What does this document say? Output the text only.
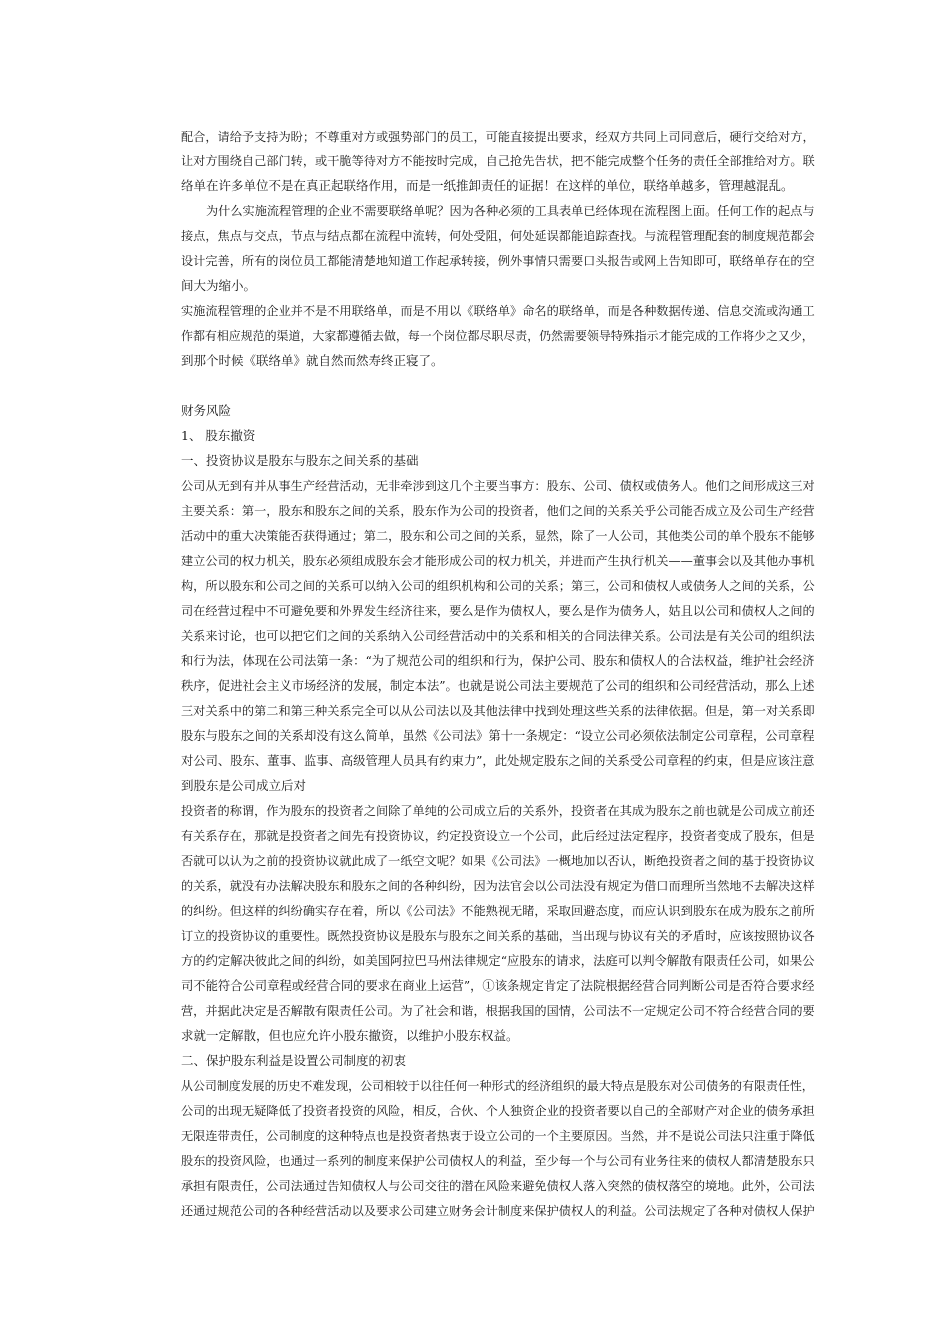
配合，请给予支持为盼；不尊重对方或强势部门的员工，可能直接提出要求，经双方共同上司同意后，硬行交给对方，
让对方围绕自己部门转，或干脆等待对方不能按时完成，自己抢先告状，把不能完成整个任务的责任全部推给对方。联
络单在许多单位不是在真正起联络作用，而是一纸推卸责任的证据！在这样的单位，联络单越多，管理越混乱。
为什么实施流程管理的企业不需要联络单呢？因为各种必须的工具表单已经体现在流程图上面。任何工作的起点与
接点，焦点与交点，节点与结点都在流程中流转，何处受阻，何处延误都能追踪查找。与流程管理配套的制度规范都会
设计完善，所有的岗位员工都能清楚地知道工作起承转接，例外事情只需要口头报告或网上告知即可，联络单存在的空
间大为缩小。
实施流程管理的企业并不是不用联络单，而是不用以《联络单》命名的联络单，而是各种数据传递、信息交流或沟通工
作都有相应规范的渠道，大家都遵循去做，每一个岗位都尽职尽责，仍然需要领导特殊指示才能完成的工作将少之又少，
到那个时候《联络单》就自然而然寿终正寝了。
财务风险
1、 股东撤资
一、投资协议是股东与股东之间关系的基础
公司从无到有并从事生产经营活动，无非牵涉到这几个主要当事方：股东、公司、债权或债务人。他们之间形成这三对
主要关系：第一，股东和股东之间的关系，股东作为公司的投资者，他们之间的关系关乎公司能否成立及公司生产经营
活动中的重大决策能否获得通过；第二，股东和公司之间的关系，显然，除了一人公司，其他类公司的单个股东不能够
建立公司的权力机关，股东必须组成股东会才能形成公司的权力机关，并进而产生执行机关——董事会以及其他办事机
构，所以股东和公司之间的关系可以纳入公司的组织机构和公司的关系；第三，公司和债权人或债务人之间的关系，公
司在经营过程中不可避免要和外界发生经济往来，要么是作为债权人，要么是作为债务人，姑且以公司和债权人之间的
关系来讨论，也可以把它们之间的关系纳入公司经营活动中的关系和相关的合同法律关系。公司法是有关公司的组织法
和行为法，体现在公司法第一条：“为了规范公司的组织和行为，保护公司、股东和债权人的合法权益，维护社会经济
秩序，促进社会主义市场经济的发展，制定本法”。也就是说公司法主要规范了公司的组织和公司经营活动，那么上述
三对关系中的第二和第三种关系完全可以从公司法以及其他法律中找到处理这些关系的法律依据。但是，第一对关系即
股东与股东之间的关系却没有这么简单，虽然《公司法》第十一条规定：“设立公司必须依法制定公司章程，公司章程
对公司、股东、董事、监事、高级管理人员具有约束力”，此处规定股东之间的关系受公司章程的约束，但是应该注意
到股东是公司成立后对
投资者的称谓，作为股东的投资者之间除了单纯的公司成立后的关系外，投资者在其成为股东之前也就是公司成立前还
有关系存在，那就是投资者之间先有投资协议，约定投资设立一个公司，此后经过法定程序，投资者变成了股东，但是
否就可以认为之前的投资协议就此成了一纸空文呢？如果《公司法》一概地加以否认，断绝投资者之间的基于投资协议
的关系，就没有办法解决股东和股东之间的各种纠纷，因为法官会以公司法没有规定为借口而理所当然地不去解决这样
的纠纷。但这样的纠纷确实存在着，所以《公司法》不能熟视无睹，采取回避态度，而应认识到股东在成为股东之前所
订立的投资协议的重要性。既然投资协议是股东与股东之间关系的基础，当出现与协议有关的矛盾时，应该按照协议各
方的约定解决彼此之间的纠纷，如美国阿拉巴马州法律规定“应股东的请求，法庭可以判令解散有限责任公司，如果公
司不能符合公司章程或经营合同的要求在商业上运营”，①该条规定肯定了法院根据经营合同判断公司是否符合要求经
营，并据此决定是否解散有限责任公司。为了社会和谐，根据我国的国情，公司法不一定规定公司不符合经营合同的要
求就一定解散，但也应允许小股东撤资，以维护小股东权益。
二、保护股东利益是设置公司制度的初衷
从公司制度发展的历史不难发现，公司相较于以往任何一种形式的经济组织的最大特点是股东对公司债务的有限责任性，
公司的出现无疑降低了投资者投资的风险，相反，合伙、个人独资企业的投资者要以自己的全部财产对企业的债务承担
无限连带责任，公司制度的这种特点也是投资者热衷于设立公司的一个主要原因。当然，并不是说公司法只注重于降低
股东的投资风险，也通过一系列的制度来保护公司债权人的利益，至少每一个与公司有业务往来的债权人都清楚股东只
承担有限责任，公司法通过告知债权人与公司交往的潜在风险来避免债权人落入突然的债权落空的境地。此外，公司法
还通过规范公司的各种经营活动以及要求公司建立财务会计制度来保护债权人的利益。公司法规定了各种对债权人保护
